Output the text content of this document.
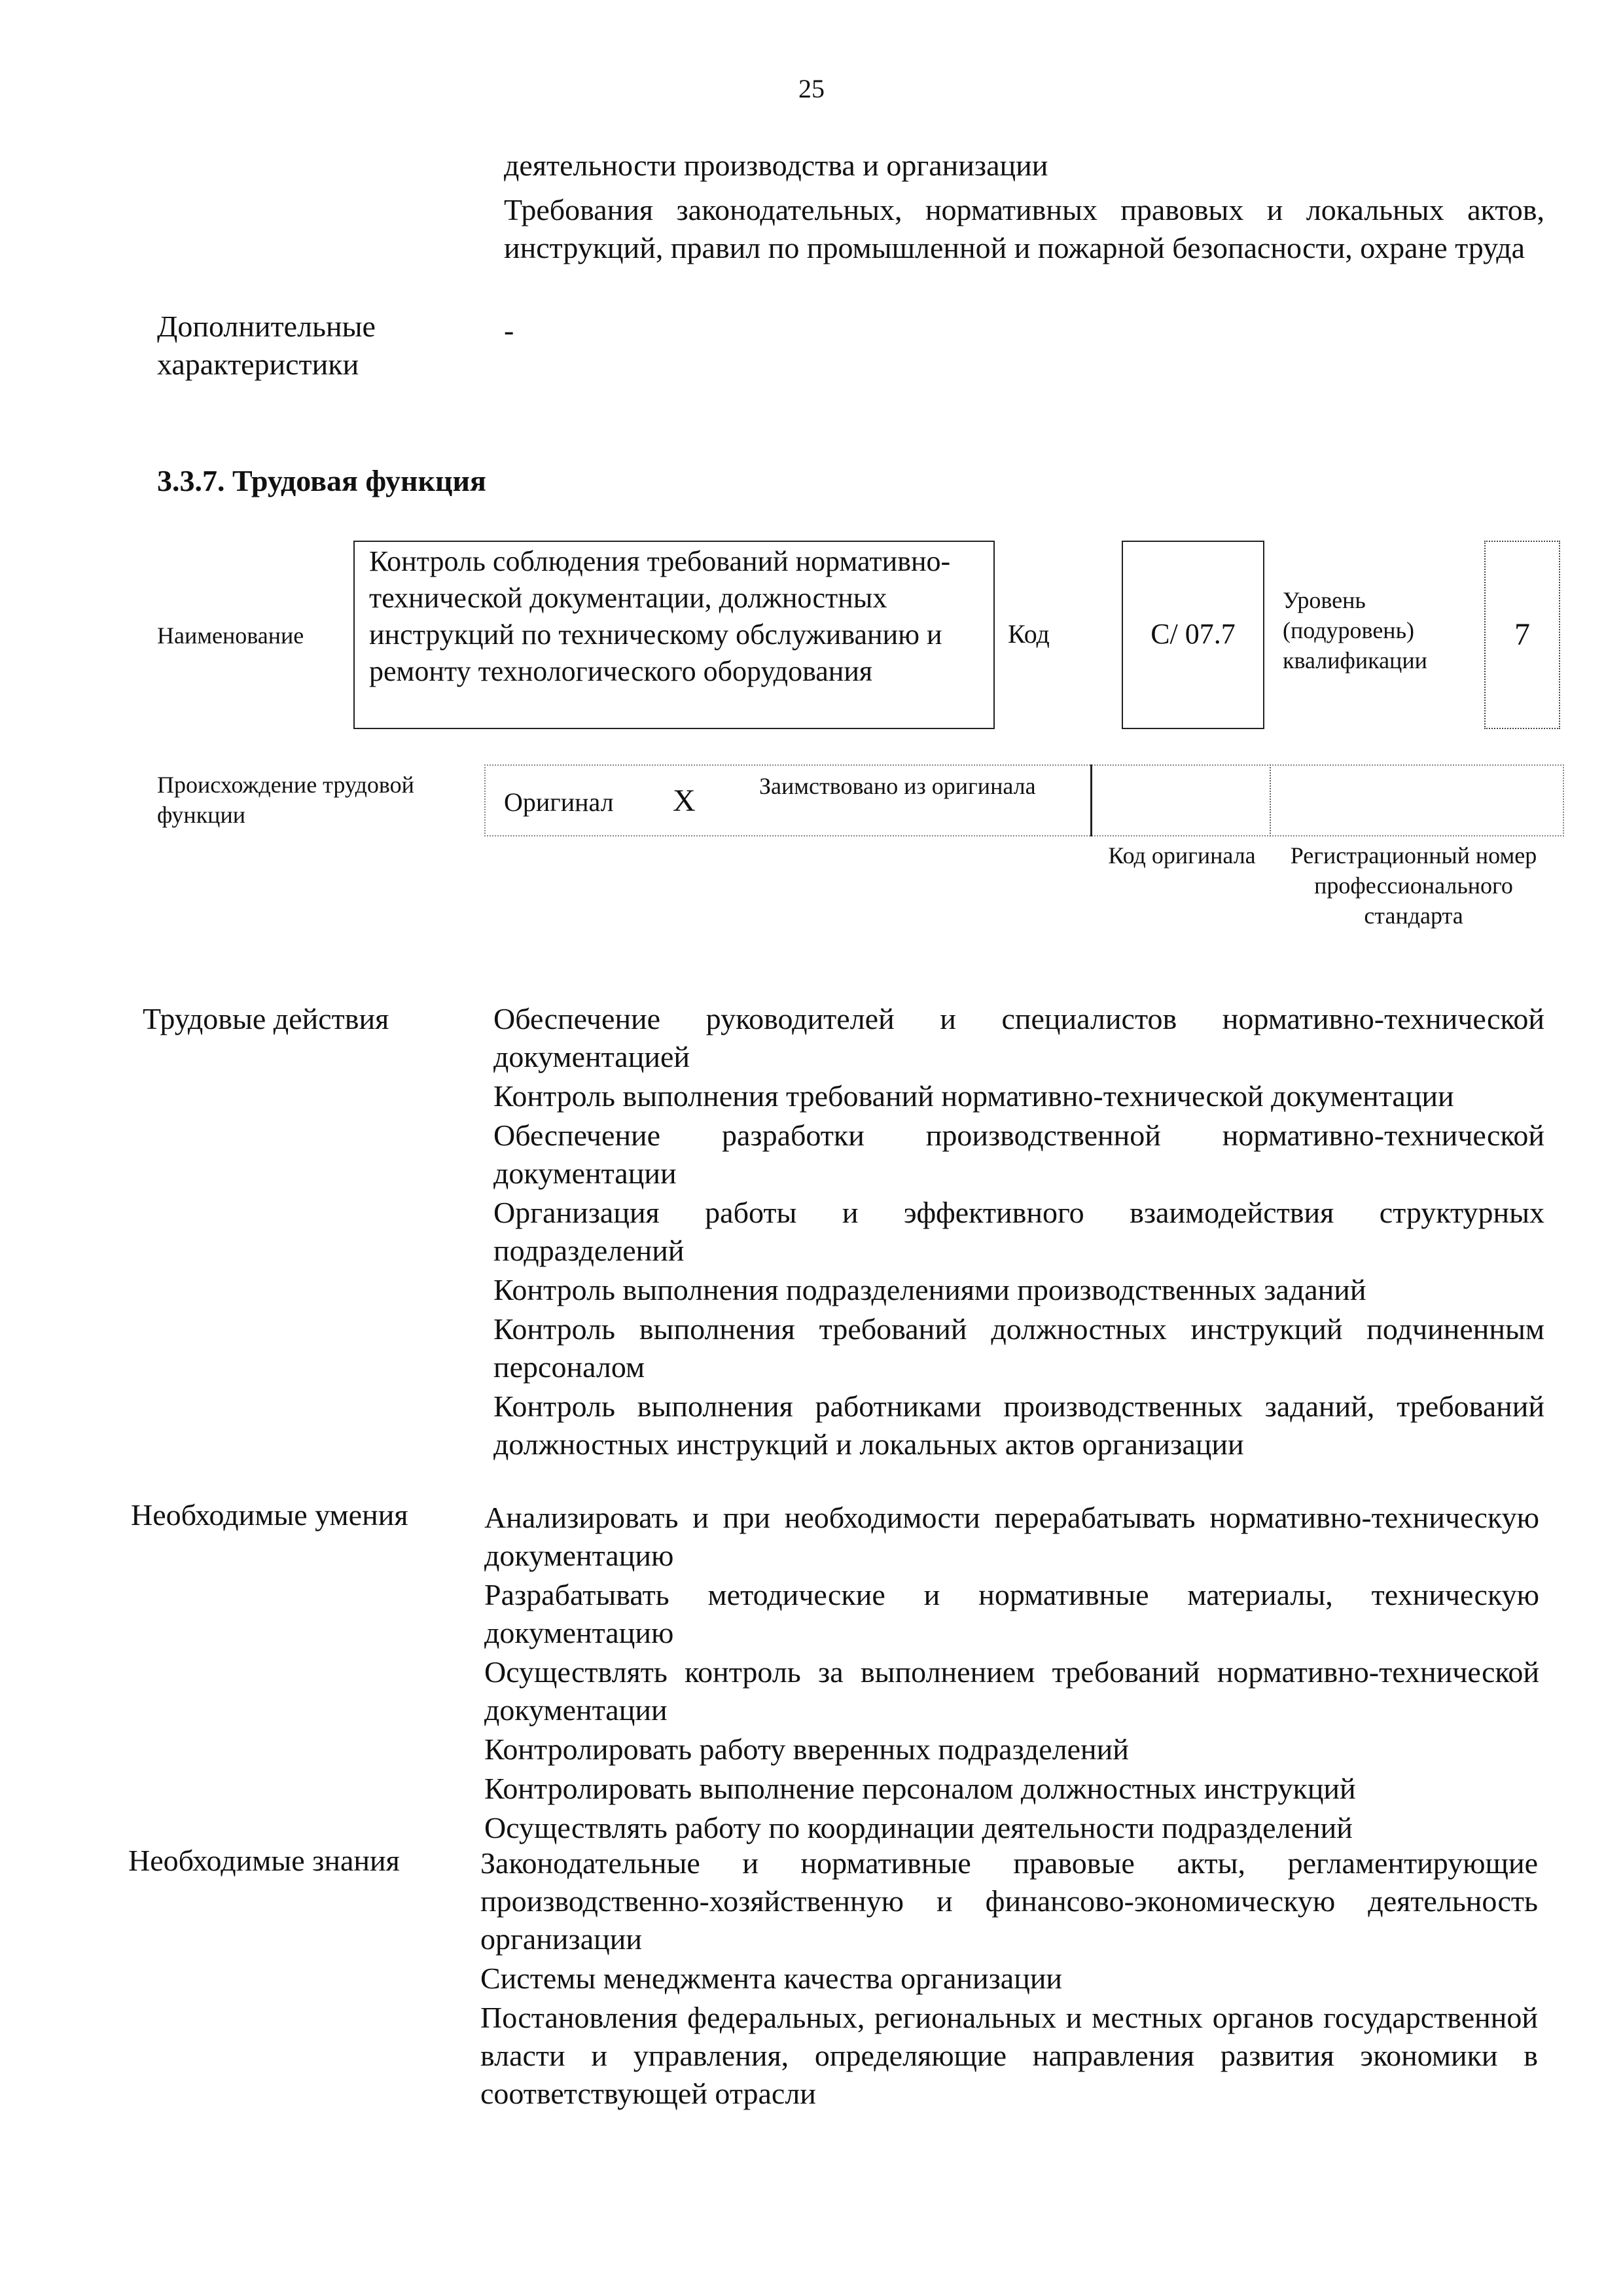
25
деятельности производства и организации
Требования законодательных, нормативных правовых и локальных актов, инструкций, правил по промышленной и пожарной безопасности, охране труда
Дополнительные характеристики
-
3.3.7. Трудовая функция
Наименование
Контроль соблюдения требований нормативно-технической документации, должностных инструкций по техническому обслуживанию и ремонту технологического оборудования
Код	C/ 07.7
Уровень (подуровень) квалификации
7
Происхождение трудовой функции	Оригинал X	Заимствовано из оригинала
Код оригинала	Регистрационный номер профессионального стандарта
Трудовые действия	Обеспечение руководителей и специалистов нормативно-технической документацией
Контроль выполнения требований нормативно-технической документации
Обеспечение разработки производственной нормативно-технической документации
Организация работы и эффективного взаимодействия структурных подразделений
Контроль выполнения подразделениями производственных заданий
Контроль выполнения требований должностных инструкций подчиненным персоналом
Контроль выполнения работниками производственных заданий, требований должностных инструкций и локальных актов организации
Необходимые умения	Анализировать и при необходимости перерабатывать нормативно-техническую документацию
Разрабатывать методические и нормативные материалы, техническую документацию
Осуществлять контроль за выполнением требований нормативно-технической документации
Контролировать работу вверенных подразделений
Контролировать выполнение персоналом должностных инструкций
Осуществлять работу по координации деятельности подразделений
Необходимые знания	Законодательные и нормативные правовые акты, регламентирующие производственно-хозяйственную и финансово-экономическую деятельность организации
Системы менеджмента качества организации
Постановления федеральных, региональных и местных органов государственной власти и управления, определяющие направления развития экономики в соответствующей отрасли
